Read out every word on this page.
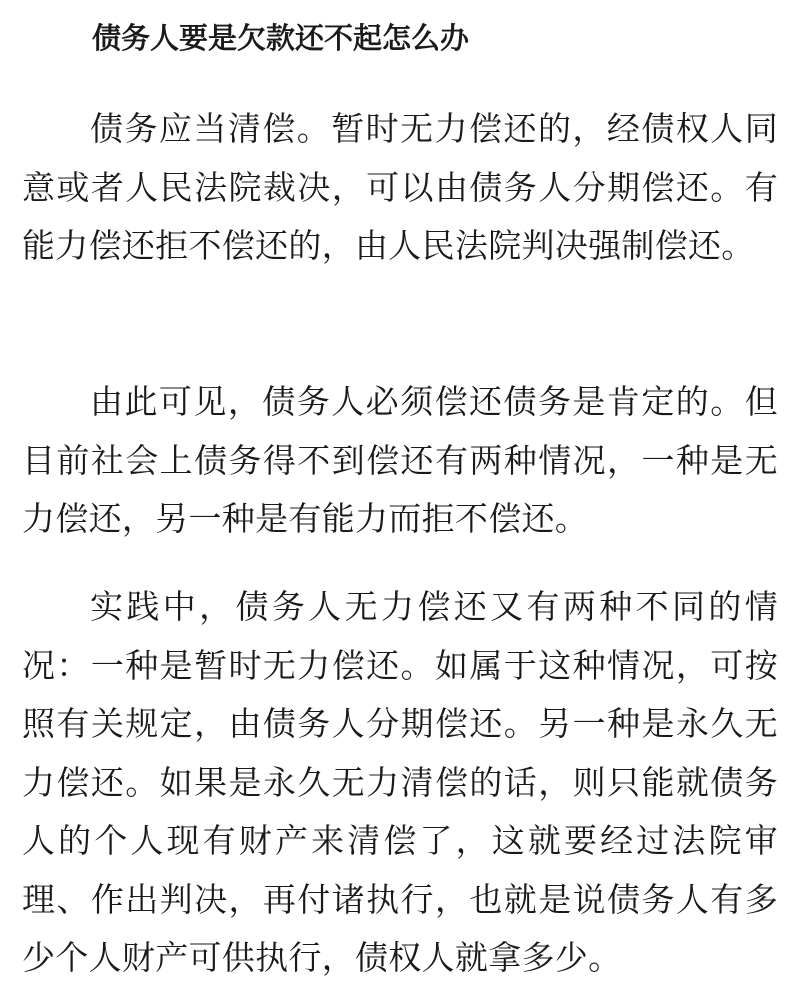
债务人要是欠款还不起怎么办

债务应当清偿。暂时无力偿还的，经债权人同意或者人民法院裁决，可以由债务人分期偿还。有能力偿还拒不偿还的，由人民法院判决强制偿还。

由此可见，债务人必须偿还债务是肯定的。但目前社会上债务得不到偿还有两种情况，一种是无力偿还，另一种是有能力而拒不偿还。

实践中，债务人无力偿还又有两种不同的情况：一种是暂时无力偿还。如属于这种情况，可按照有关规定，由债务人分期偿还。另一种是永久无力偿还。如果是永久无力清偿的话，则只能就债务人的个人现有财产来清偿了，这就要经过法院审理、作出判决，再付诸执行，也就是说债务人有多少个人财产可供执行，债权人就拿多少。
